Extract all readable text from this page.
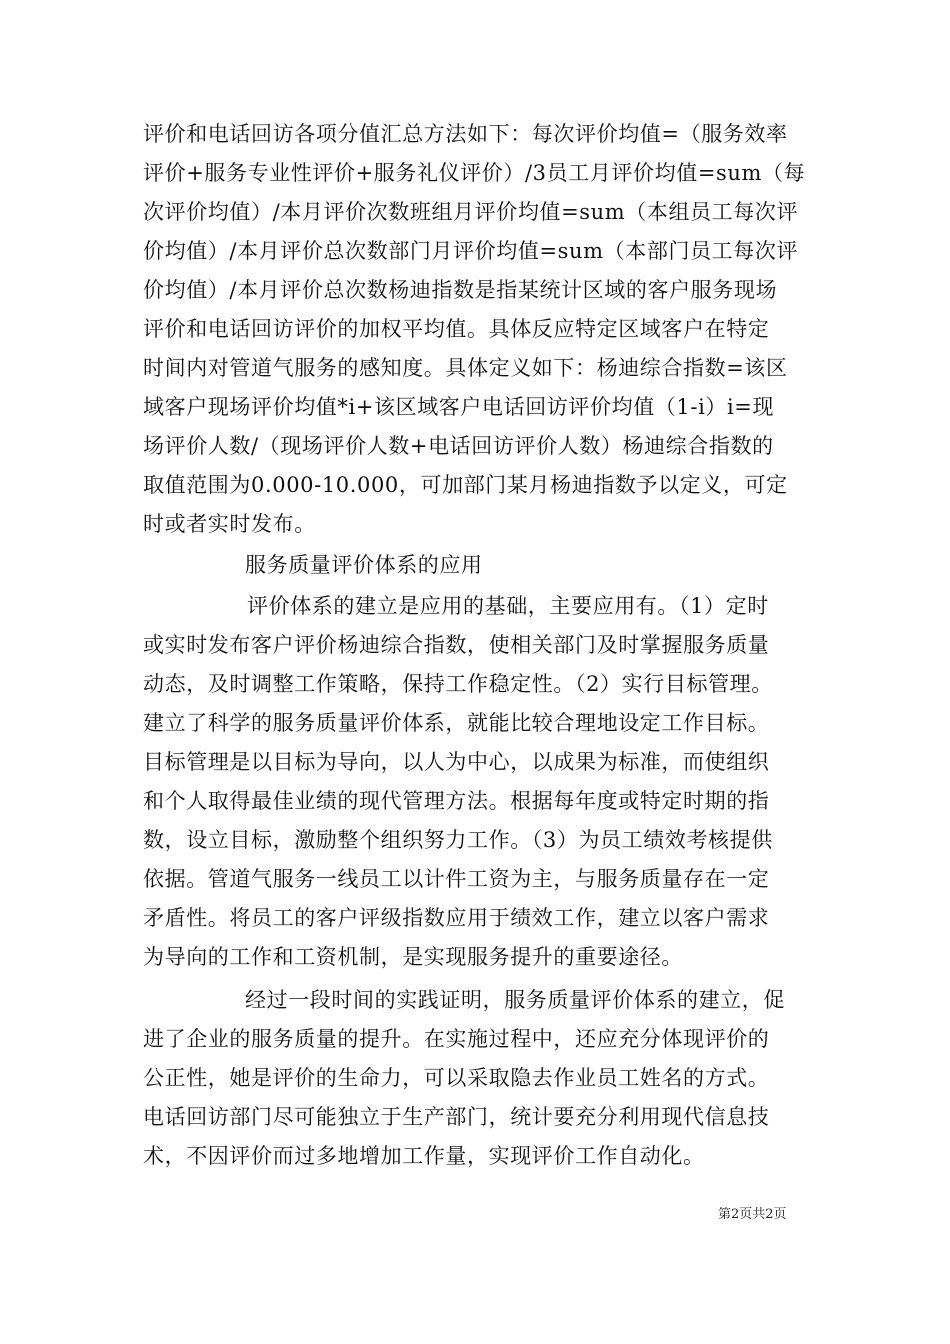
评价和电话回访各项分值汇总方法如下：每次评价均值=（服务效率
评价+服务专业性评价+服务礼仪评价）/3员工月评价均值=sum（每
次评价均值）/本月评价次数班组月评价均值=sum（本组员工每次评
价均值）/本月评价总次数部门月评价均值=sum（本部门员工每次评
价均值）/本月评价总次数杨迪指数是指某统计区域的客户服务现场
评价和电话回访评价的加权平均值。具体反应特定区域客户在特定
时间内对管道气服务的感知度。具体定义如下：杨迪综合指数=该区
域客户现场评价均值*i+该区域客户电话回访评价均值（1-i）i=现
场评价人数/（现场评价人数+电话回访评价人数）杨迪综合指数的
取值范围为0.000-10.000，可加部门某月杨迪指数予以定义，可定
时或者实时发布。
服务质量评价体系的应用
评价体系的建立是应用的基础，主要应用有。（1）定时
或实时发布客户评价杨迪综合指数，使相关部门及时掌握服务质量
动态，及时调整工作策略，保持工作稳定性。（2）实行目标管理。
建立了科学的服务质量评价体系，就能比较合理地设定工作目标。
目标管理是以目标为导向，以人为中心，以成果为标准，而使组织
和个人取得最佳业绩的现代管理方法。根据每年度或特定时期的指
数，设立目标，激励整个组织努力工作。（3）为员工绩效考核提供
依据。管道气服务一线员工以计件工资为主，与服务质量存在一定
矛盾性。将员工的客户评级指数应用于绩效工作，建立以客户需求
为导向的工作和工资机制，是实现服务提升的重要途径。
经过一段时间的实践证明，服务质量评价体系的建立，促
进了企业的服务质量的提升。在实施过程中，还应充分体现评价的
公正性，她是评价的生命力，可以采取隐去作业员工姓名的方式。
电话回访部门尽可能独立于生产部门，统计要充分利用现代信息技
术，不因评价而过多地增加工作量，实现评价工作自动化。
第2页共2页
